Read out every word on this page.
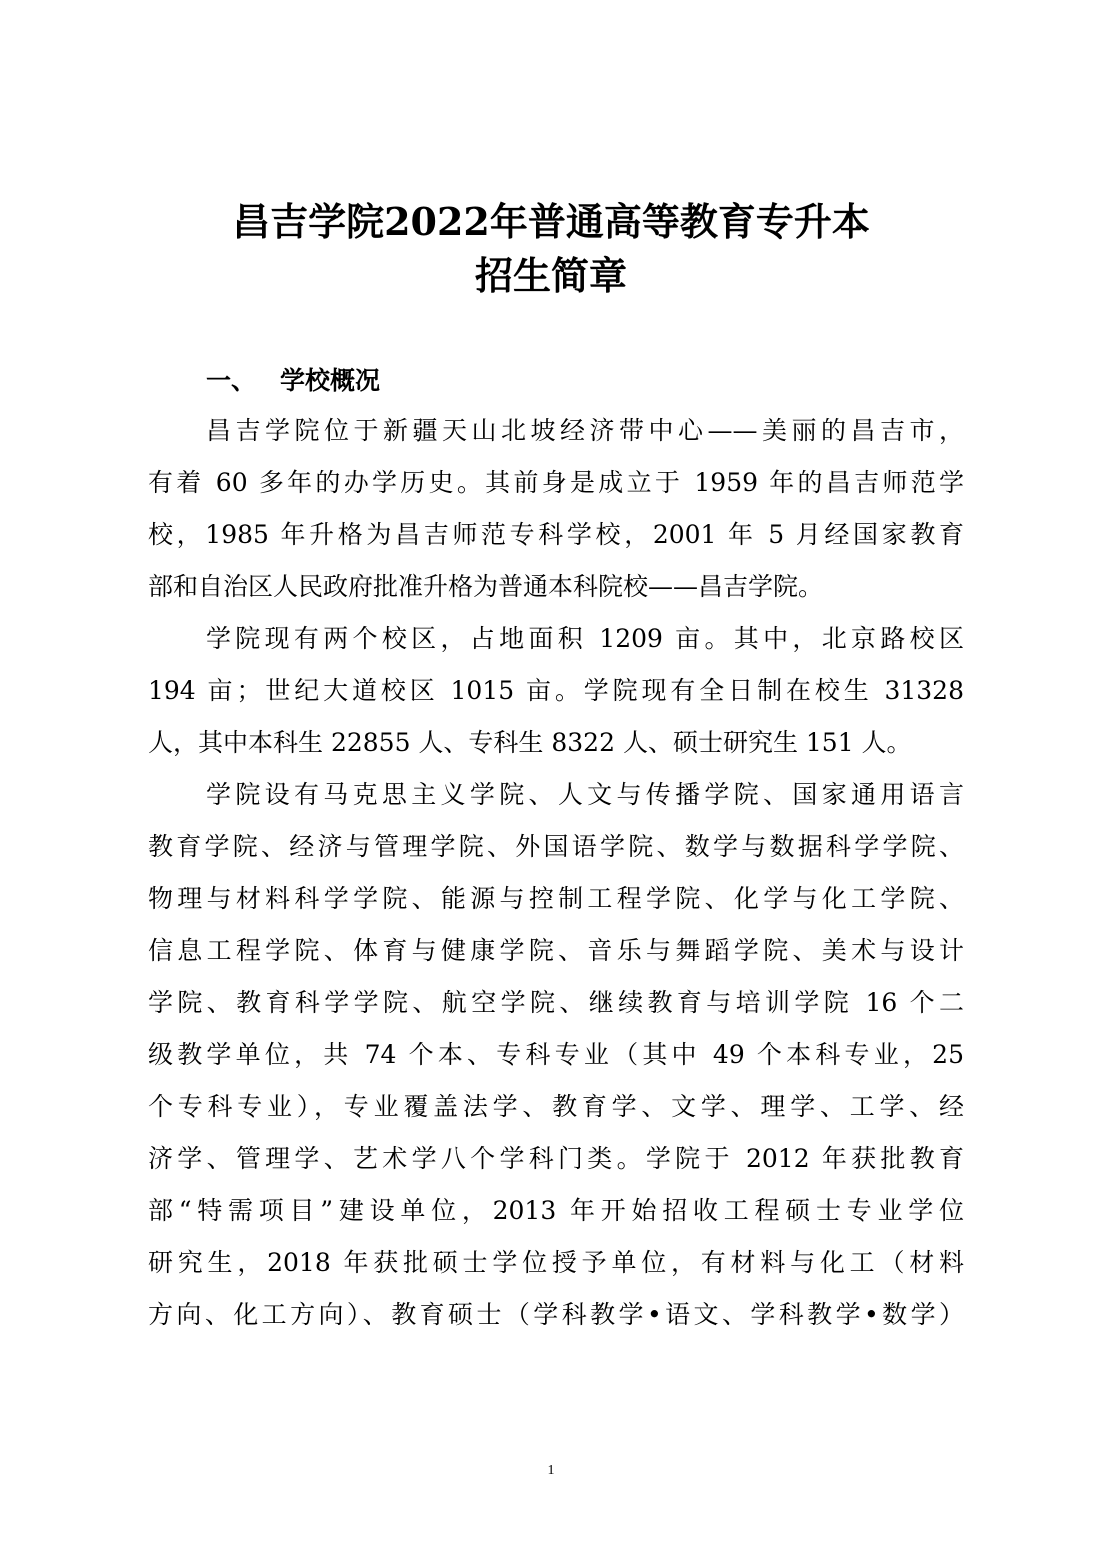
昌吉学院2022年普通高等教育专升本
招生简章
一、 学校概况
昌吉学院位于新疆天山北坡经济带中心——美丽的昌吉市，
有着 60 多年的办学历史。其前身是成立于 1959 年的昌吉师范学
校，1985 年升格为昌吉师范专科学校，2001 年 5 月经国家教育
部和自治区人民政府批准升格为普通本科院校——昌吉学院。
学院现有两个校区，占地面积 1209 亩。其中，北京路校区
194 亩；世纪大道校区 1015 亩。学院现有全日制在校生 31328
人，其中本科生 22855 人、专科生 8322 人、硕士研究生 151 人。
学院设有马克思主义学院、人文与传播学院、国家通用语言
教育学院、经济与管理学院、外国语学院、数学与数据科学学院、
物理与材料科学学院、能源与控制工程学院、化学与化工学院、
信息工程学院、体育与健康学院、音乐与舞蹈学院、美术与设计
学院、教育科学学院、航空学院、继续教育与培训学院 16 个二
级教学单位，共 74 个本、专科专业（其中 49 个本科专业，25
个专科专业），专业覆盖法学、教育学、文学、理学、工学、经
济学、管理学、艺术学八个学科门类。学院于 2012 年获批教育
部“特需项目”建设单位，2013 年开始招收工程硕士专业学位
研究生，2018 年获批硕士学位授予单位，有材料与化工（材料
方向、化工方向）、教育硕士（学科教学•语文、学科教学•数学）
1
